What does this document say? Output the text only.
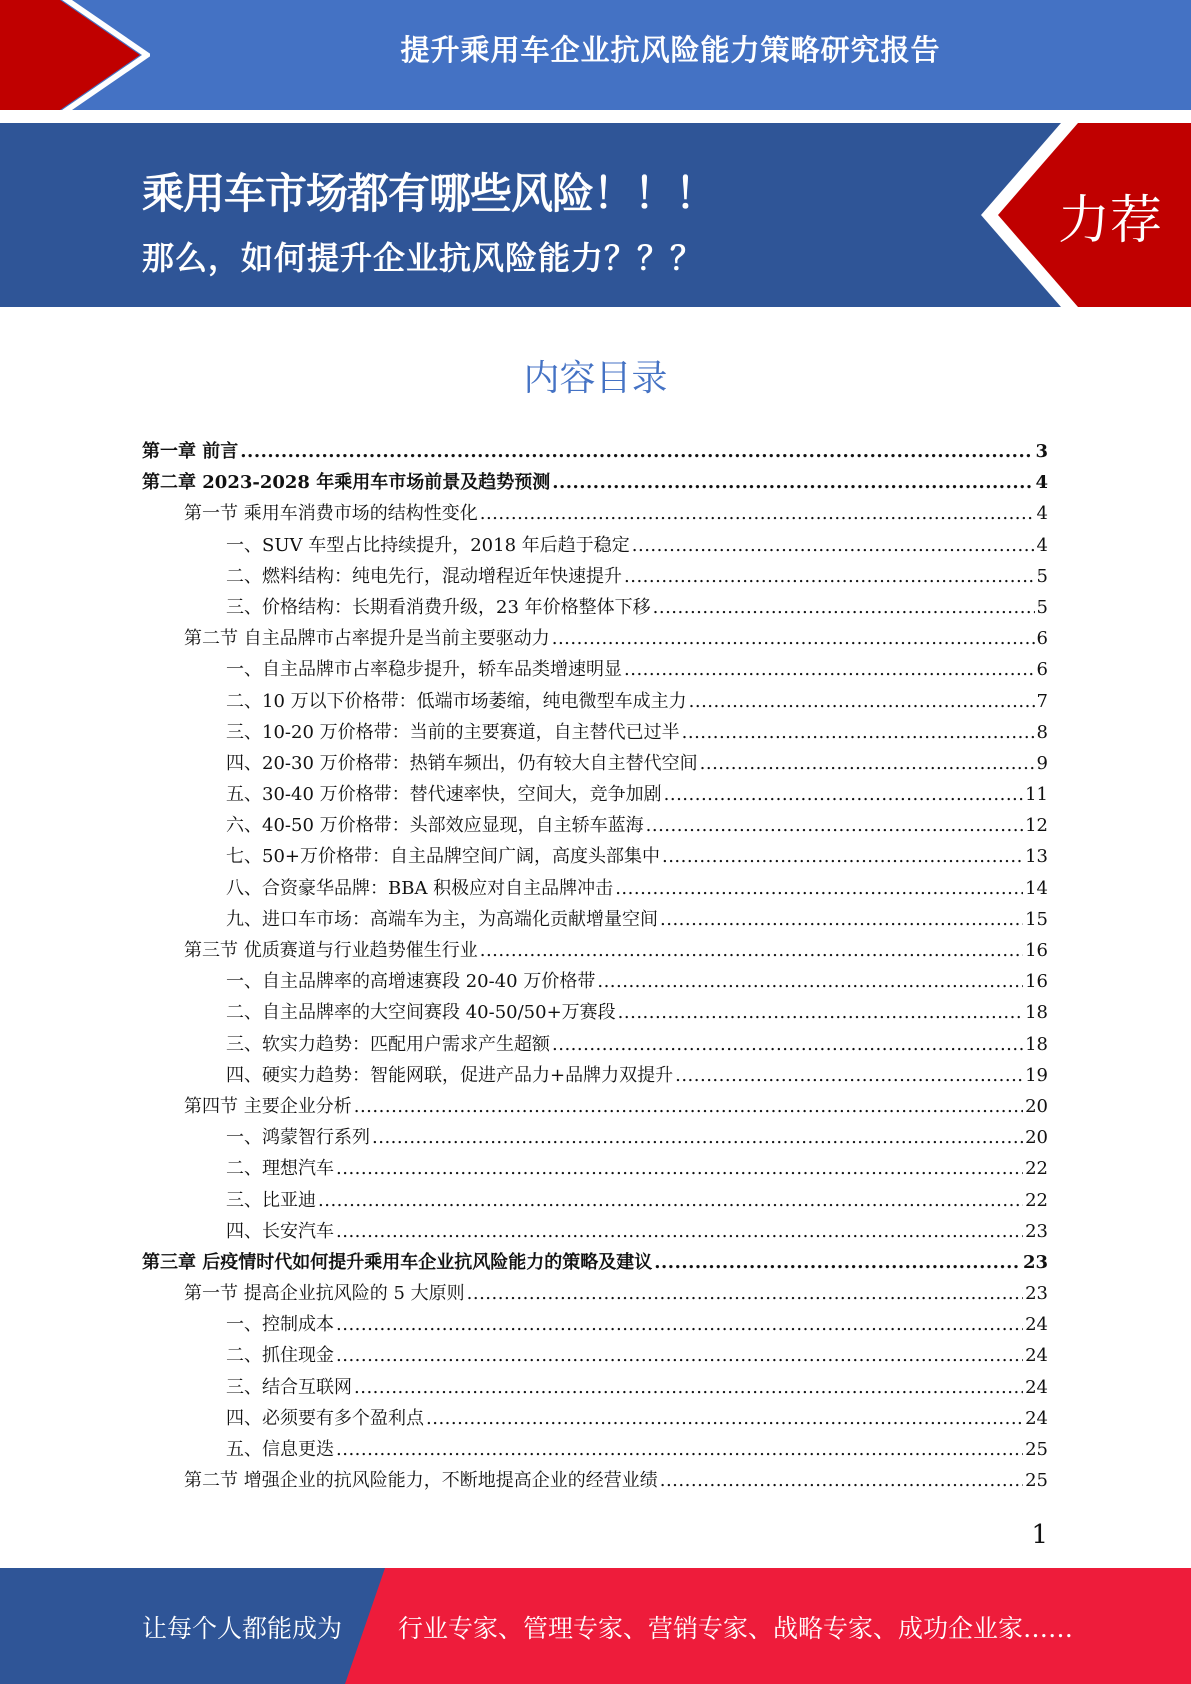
提升乘用车企业抗风险能力策略研究报告
乘用车市场都有哪些风险！！！
那么，如何提升企业抗风险能力？？？
力荐
内容目录
第一章 前言 .....	3
第二章 2023-2028 年乘用车市场前景及趋势预测 .....	4
第一节 乘用车消费市场的结构性变化 .....	4
一、SUV 车型占比持续提升，2018 年后趋于稳定 .....	4
二、燃料结构：纯电先行，混动增程近年快速提升 .....	5
三、价格结构：长期看消费升级，23 年价格整体下移 .....	5
第二节 自主品牌市占率提升是当前主要驱动力 .....	6
一、自主品牌市占率稳步提升，轿车品类增速明显 .....	6
二、10 万以下价格带：低端市场萎缩，纯电微型车成主力 .....	7
三、10-20 万价格带：当前的主要赛道，自主替代已过半 .....	8
四、20-30 万价格带：热销车频出，仍有较大自主替代空间 .....	9
五、30-40 万价格带：替代速率快，空间大，竞争加剧 .....	11
六、40-50 万价格带：头部效应显现，自主轿车蓝海 .....	12
七、50+万价格带：自主品牌空间广阔，高度头部集中 .....	13
八、合资豪华品牌：BBA 积极应对自主品牌冲击 .....	14
九、进口车市场：高端车为主，为高端化贡献增量空间 .....	15
第三节 优质赛道与行业趋势催生行业 .....	16
一、自主品牌率的高增速赛段 20-40 万价格带 .....	16
二、自主品牌率的大空间赛段 40-50/50+万赛段 .....	18
三、软实力趋势：匹配用户需求产生超额 .....	18
四、硬实力趋势：智能网联，促进产品力+品牌力双提升 .....	19
第四节 主要企业分析 .....	20
一、鸿蒙智行系列 .....	20
二、理想汽车 .....	22
三、比亚迪 .....	22
四、长安汽车 .....	23
第三章 后疫情时代如何提升乘用车企业抗风险能力的策略及建议 .....	23
第一节 提高企业抗风险的 5 大原则 .....	23
一、控制成本 .....	24
二、抓住现金 .....	24
三、结合互联网 .....	24
四、必须要有多个盈利点 .....	24
五、信息更迭 .....	25
第二节 增强企业的抗风险能力，不断地提高企业的经营业绩 .....	25
1
让每个人都能成为 行业专家、管理专家、营销专家、战略专家、成功企业家……
